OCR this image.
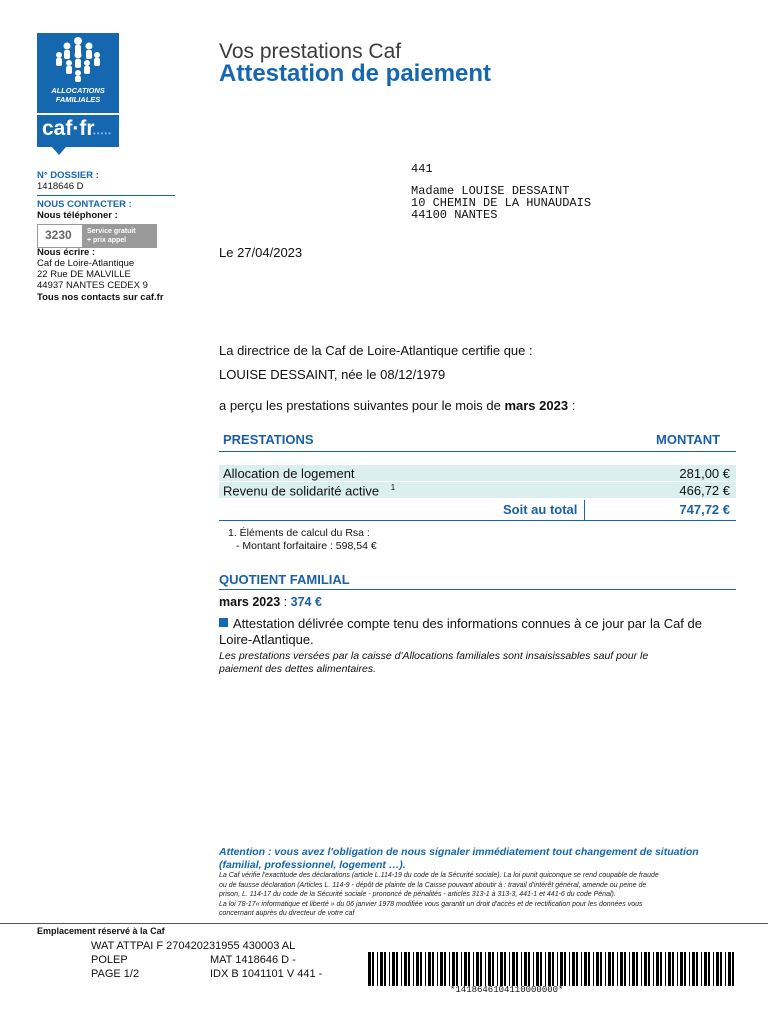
ALLOCATIONS
FAMILIALES
caf·fr
•••••
Vos prestations Caf
Attestation de paiement
N° DOSSIER :
1418646 D
NOUS CONTACTER :
Nous téléphoner :
3230 Service gratuit
+ prix appel
Nous écrire :
Caf de Loire-Atlantique
22 Rue DE MALVILLE
44937 NANTES CEDEX 9
Tous nos contacts sur caf.fr
441
Madame LOUISE DESSAINT
10 CHEMIN DE LA HUNAUDAIS
44100 NANTES
Le 27/04/2023
La directrice de la Caf de Loire-Atlantique certifie que :
LOUISE DESSAINT, née le 08/12/1979
a perçu les prestations suivantes pour le mois de mars 2023 :
PRESTATIONS	MONTANT
Allocation de logement	281,00 €
Revenu de solidarité active $^1$	466,72 €
Soit au total	747,72 €
1. Éléments de calcul du Rsa :
- Montant forfaitaire : 598,54 €
QUOTIENT FAMILIAL
mars 2023 : 374 €
Attestation délivrée compte tenu des informations connues à ce jour par la Caf de
Loire-Atlantique.
Les prestations versées par la caisse d'Allocations familiales sont insaisissables sauf pour le
paiement des dettes alimentaires.
Attention : vous avez l'obligation de nous signaler immédiatement tout changement de situation
(familial, professionnel, logement …).
La Caf vérifie l'exactitude des déclarations (article L.114-19 du code de la Sécurité sociale). La loi punit quiconque se rend coupable de fraude
ou de fausse déclaration (Articles L. 114-9 - dépôt de plainte de la Caisse pouvant aboutir à : travail d'intérêt général, amende ou peine de
prison, L. 114-17 du code de la Sécurité sociale - prononcé de pénalités - articles 313-1 à 313-3, 441-1 et 441-6 du code Pénal).
La loi 78-17« informatique et liberté » du 06 janvier 1978 modifiée vous garantit un droit d'accès et de rectification pour les données vous
concernant auprès du directeur de votre caf
Emplacement réservé à la Caf
WAT ATTPAI F 270420231955 430003 AL
POLEP	MAT 1418646 D -
PAGE 1/2	IDX B 1041101 V 441 -
*1418646104110000000*
